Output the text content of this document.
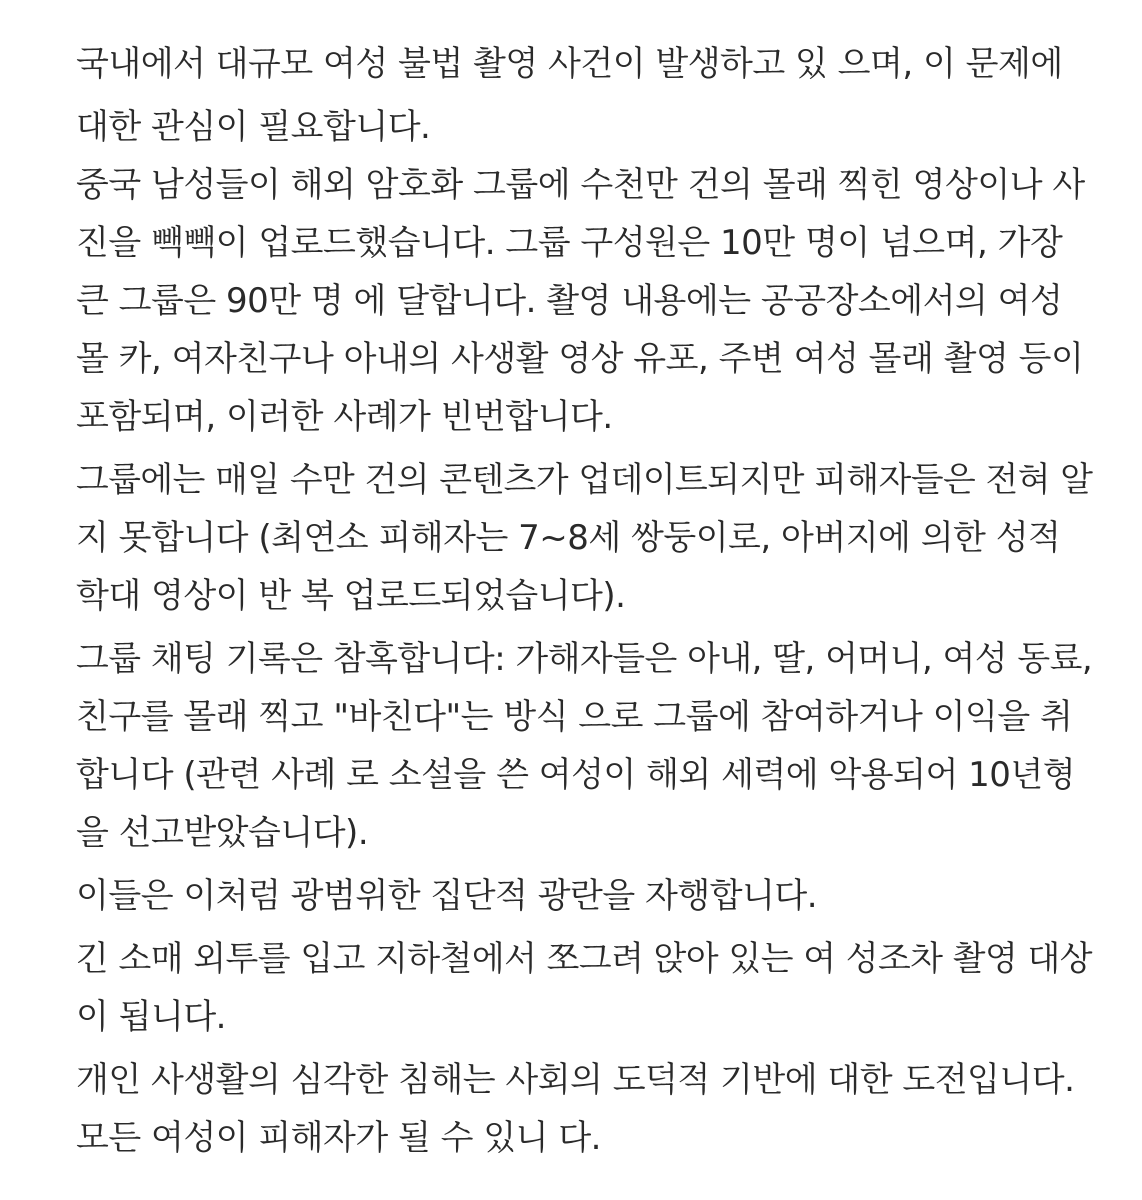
국내에서 대규모 여성 불법 촬영 사건이 발생하고 있 으며, 이 문제에

대한 관심이 필요합니다.

중국 남성들이 해외 암호화 그룹에 수천만 건의 몰래 찍힌 영상이나 사

진을 빽빽이 업로드했습니다. 그룹 구성원은 10만 명이 넘으며, 가장

큰 그룹은 90만 명 에 달합니다. 촬영 내용에는 공공장소에서의 여성

몰 카, 여자친구나 아내의 사생활 영상 유포, 주변 여성 몰래 촬영 등이

포함되며, 이러한 사례가 빈번합니다.

그룹에는 매일 수만 건의 콘텐츠가 업데이트되지만 피해자들은 전혀 알

지 못합니다 (최연소 피해자는 7~8세 쌍둥이로, 아버지에 의한 성적

학대 영상이 반 복 업로드되었습니다).

그룹 채팅 기록은 참혹합니다: 가해자들은 아내, 딸, 어머니, 여성 동료,

친구를 몰래 찍고 "바친다"는 방식 으로 그룹에 참여하거나 이익을 취

합니다 (관련 사례 로 소설을 쓴 여성이 해외 세력에 악용되어 10년형

을 선고받았습니다).

이들은 이처럼 광범위한 집단적 광란을 자행합니다.

긴 소매 외투를 입고 지하철에서 쪼그려 앉아 있는 여 성조차 촬영 대상

이 됩니다.

개인 사생활의 심각한 침해는 사회의 도덕적 기반에 대한 도전입니다.

모든 여성이 피해자가 될 수 있니 다.
